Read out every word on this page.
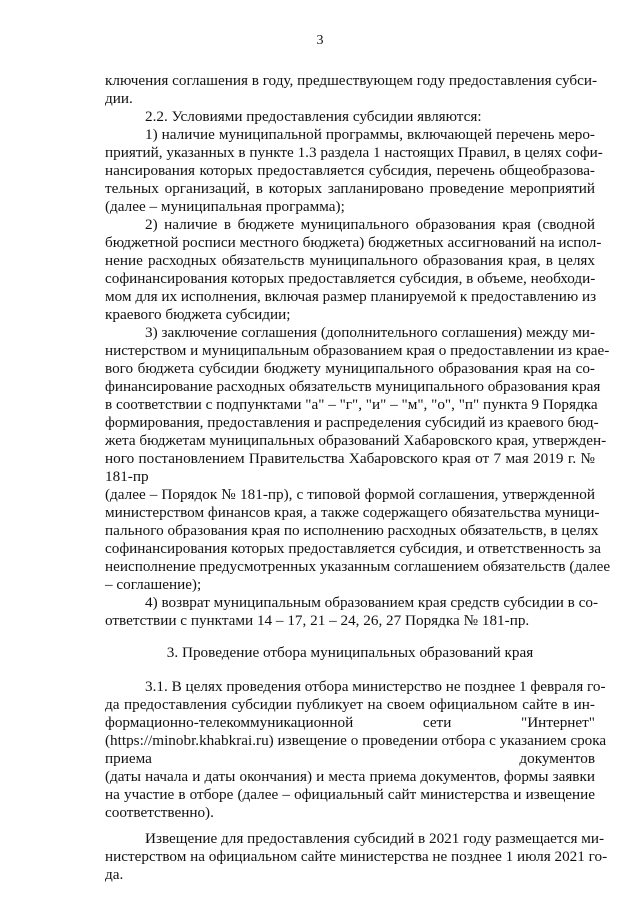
3
ключения соглашения в году, предшествующем году предоставления субси-
дии.
2.2. Условиями предоставления субсидии являются:
1) наличие муниципальной программы, включающей перечень меро-
приятий, указанных в пункте 1.3 раздела 1 настоящих Правил, в целях софи-
нансирования которых предоставляется субсидия, перечень общеобразова-
тельных организаций, в которых запланировано проведение мероприятий
(далее – муниципальная программа);
2) наличие в бюджете муниципального образования края (сводной
бюджетной росписи местного бюджета) бюджетных ассигнований на испол-
нение расходных обязательств муниципального образования края, в целях
софинансирования которых предоставляется субсидия, в объеме, необходи-
мом для их исполнения, включая размер планируемой к предоставлению из
краевого бюджета субсидии;
3) заключение соглашения (дополнительного соглашения) между ми-
нистерством и муниципальным образованием края о предоставлении из крае-
вого бюджета субсидии бюджету муниципального образования края на со-
финансирование расходных обязательств муниципального образования края
в соответствии с подпунктами "а" – "г", "и" – "м", "о", "п" пункта 9 Порядка
формирования, предоставления и распределения субсидий из краевого бюд-
жета бюджетам муниципальных образований Хабаровского края, утвержден-
ного постановлением Правительства Хабаровского края от 7 мая 2019 г. №
181-пр
(далее – Порядок № 181-пр), с типовой формой соглашения, утвержденной
министерством финансов края, а также содержащего обязательства муници-
пального образования края по исполнению расходных обязательств, в целях
софинансирования которых предоставляется субсидия, и ответственность за
неисполнение предусмотренных указанным соглашением обязательств (далее
– соглашение);
4) возврат муниципальным образованием края средств субсидии в со-
ответствии с пунктами 14 – 17, 21 – 24, 26, 27 Порядка № 181-пр.
3. Проведение отбора муниципальных образований края
3.1. В целях проведения отбора министерство не позднее 1 февраля го-
да предоставления субсидии публикует на своем официальном сайте в ин-
формационно-телекоммуникационной сети "Интернет"
(https://minobr.khabkrai.ru) извещение о проведении отбора с указанием срока
приема документов
(даты начала и даты окончания) и места приема документов, формы заявки
на участие в отборе (далее – официальный сайт министерства и извещение
соответственно).
Извещение для предоставления субсидий в 2021 году размещается ми-
нистерством на официальном сайте министерства не позднее 1 июля 2021 го-
да.
